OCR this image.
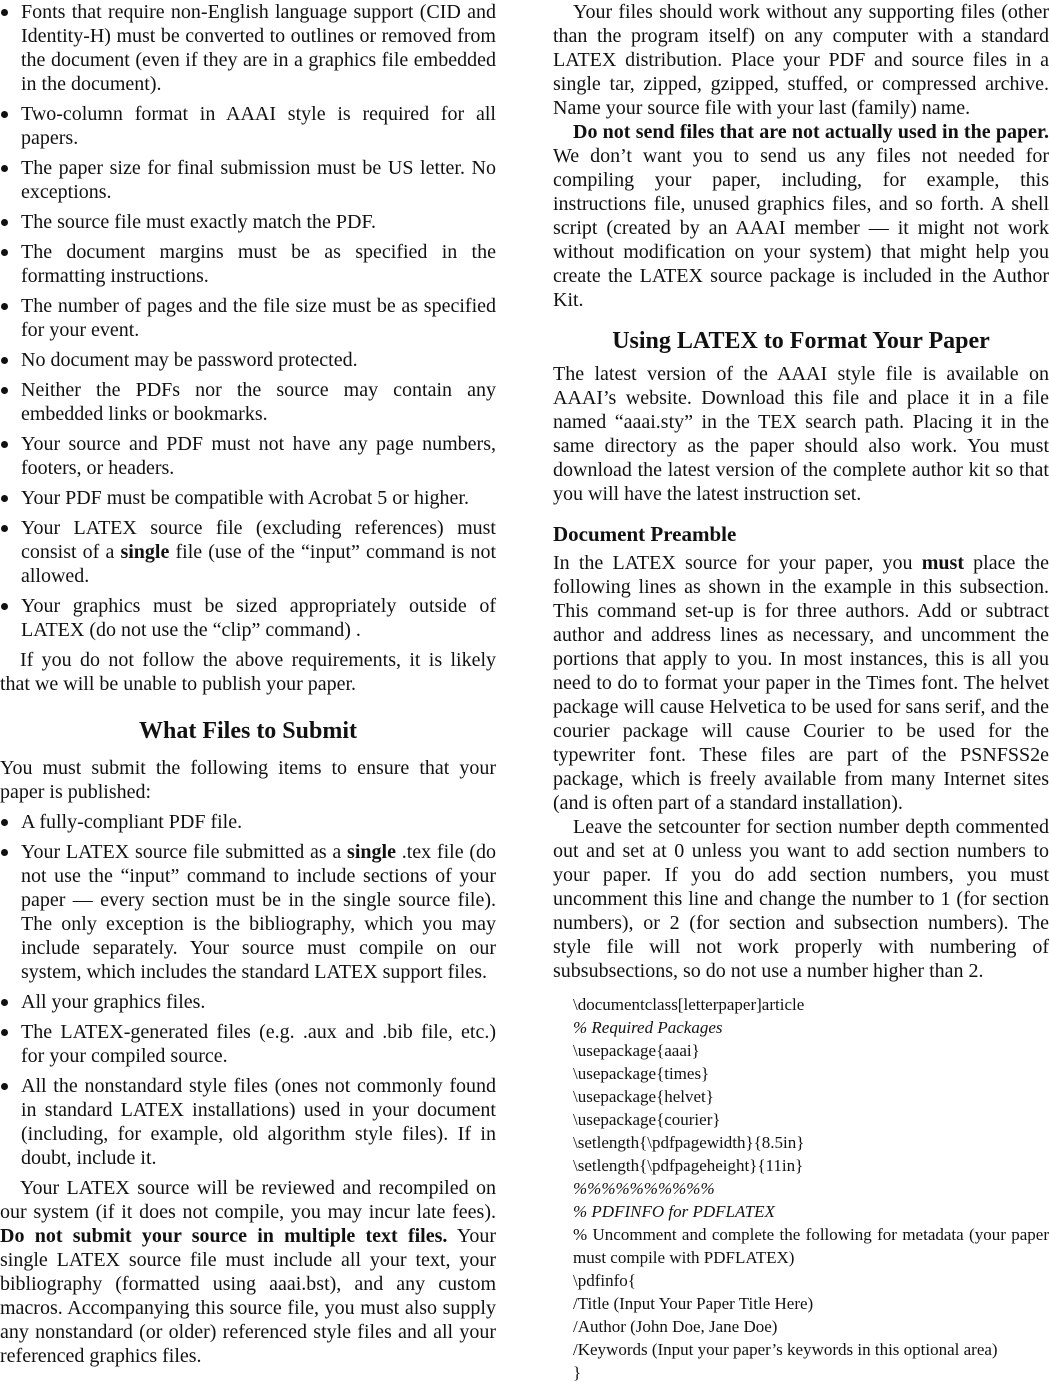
Fonts that require non-English language support (CID and Identity-H) must be converted to outlines or removed from the document (even if they are in a graphics file embedded in the document).
Two-column format in AAAI style is required for all papers.
The paper size for final submission must be US letter. No exceptions.
The source file must exactly match the PDF.
The document margins must be as specified in the formatting instructions.
The number of pages and the file size must be as specified for your event.
No document may be password protected.
Neither the PDFs nor the source may contain any embedded links or bookmarks.
Your source and PDF must not have any page numbers, footers, or headers.
Your PDF must be compatible with Acrobat 5 or higher.
Your LATEX source file (excluding references) must consist of a single file (use of the “input” command is not allowed.
Your graphics must be sized appropriately outside of LATEX (do not use the “clip” command) .

If you do not follow the above requirements, it is likely that we will be unable to publish your paper.

What Files to Submit

You must submit the following items to ensure that your paper is published:

A fully-compliant PDF file.
Your LATEX source file submitted as a single .tex file (do not use the “input” command to include sections of your paper — every section must be in the single source file). The only exception is the bibliography, which you may include separately. Your source must compile on our system, which includes the standard LATEX support files.
All your graphics files.
The LATEX-generated files (e.g. .aux and .bib file, etc.) for your compiled source.
All the nonstandard style files (ones not commonly found in standard LATEX installations) used in your document (including, for example, old algorithm style files). If in doubt, include it.

Your LATEX source will be reviewed and recompiled on our system (if it does not compile, you may incur late fees). Do not submit your source in multiple text files. Your single LATEX source file must include all your text, your bibliography (formatted using aaai.bst), and any custom macros. Accompanying this source file, you must also supply any nonstandard (or older) referenced style files and all your referenced graphics files.

Your files should work without any supporting files (other than the program itself) on any computer with a standard LATEX distribution. Place your PDF and source files in a single tar, zipped, gzipped, stuffed, or compressed archive. Name your source file with your last (family) name.

Do not send files that are not actually used in the paper. We don’t want you to send us any files not needed for compiling your paper, including, for example, this instructions file, unused graphics files, and so forth. A shell script (created by an AAAI member — it might not work without modification on your system) that might help you create the LATEX source package is included in the Author Kit.

Using LATEX to Format Your Paper

The latest version of the AAAI style file is available on AAAI’s website. Download this file and place it in a file named “aaai.sty” in the TEX search path. Placing it in the same directory as the paper should also work. You must download the latest version of the complete author kit so that you will have the latest instruction set.

Document Preamble

In the LATEX source for your paper, you must place the following lines as shown in the example in this subsection. This command set-up is for three authors. Add or subtract author and address lines as necessary, and uncomment the portions that apply to you. In most instances, this is all you need to do to format your paper in the Times font. The helvet package will cause Helvetica to be used for sans serif, and the courier package will cause Courier to be used for the typewriter font. These files are part of the PSNFSS2e package, which is freely available from many Internet sites (and is often part of a standard installation).

Leave the setcounter for section number depth commented out and set at 0 unless you want to add section numbers to your paper. If you do add section numbers, you must uncomment this line and change the number to 1 (for section numbers), or 2 (for section and subsection numbers). The style file will not work properly with numbering of subsubsections, so do not use a number higher than 2.

\documentclass[letterpaper]article
% Required Packages
\usepackage{aaai}
\usepackage{times}
\usepackage{helvet}
\usepackage{courier}
\setlength{\pdfpagewidth}{8.5in}
\setlength{\pdfpageheight}{11in}
%%%%%%%%%%
% PDFINFO for PDFLATEX
% Uncomment and complete the following for metadata (your paper must compile with PDFLATEX)
\pdfinfo{
/Title (Input Your Paper Title Here)
/Author (John Doe, Jane Doe)
/Keywords (Input your paper’s keywords in this optional area)
}
